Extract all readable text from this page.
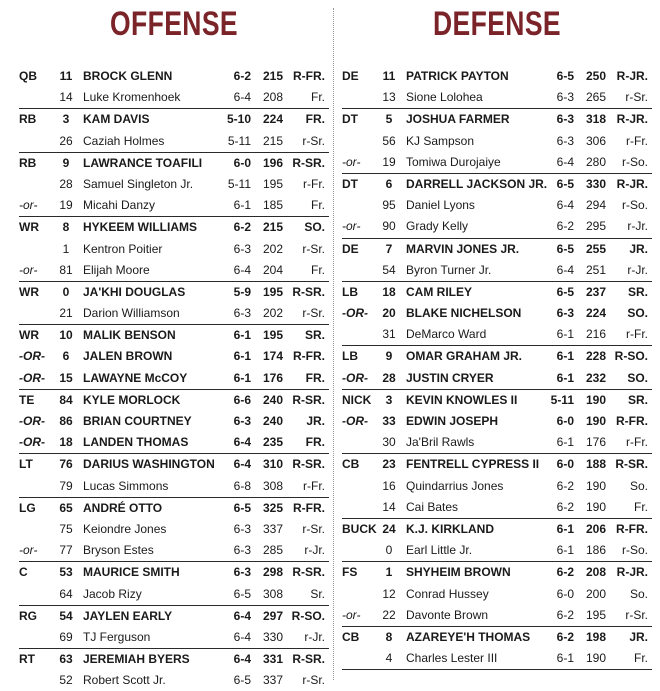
OFFENSE
QB	11 BROCK GLENN	6-2 215 R-FR.
14 Luke Kromenhoek	6-4 208	Fr.
RB	3	KAM DAVIS	5-10 224	FR.
26 Caziah Holmes	5-11 215	r-Sr.
RB	9	LAWRANCE TOAFILI	6-0 196 R-SR.
28 Samuel Singleton Jr.	5-11 195	r-Fr.
-or-	19 Micahi Danzy	6-1 185	Fr.
WR	8	HYKEEM WILLIAMS	6-2 215	SO.
1	Kentron Poitier	6-3 202	r-Sr.
-or-	81 Elijah Moore	6-4 204	Fr.
WR	0	JA'KHI DOUGLAS	5-9 195 R-SR.
21 Darion Williamson	6-3 202	r-Sr.
WR	10 MALIK BENSON	6-1 195	SR.
-OR-	6	JALEN BROWN	6-1 174 R-FR.
-OR-	15 LAWAYNE McCOY	6-1 176	FR.
TE	84 KYLE MORLOCK	6-6 240 R-SR.
-OR-	86 BRIAN COURTNEY	6-3 240	JR.
-OR-	18 LANDEN THOMAS	6-4 235	FR.
LT	76 DARIUS WASHINGTON	6-4 310 R-SR.
79 Lucas Simmons	6-8 308	r-Fr.
LG	65 ANDRÉ OTTO	6-5 325 R-FR.
75 Keiondre Jones	6-3 337	r-Sr.
-or-	77 Bryson Estes	6-3 285	r-Jr.
C	53 MAURICE SMITH	6-3 298 R-SR.
64 Jacob Rizy	6-5 308	Sr.
RG	54 JAYLEN EARLY	6-4 297 R-SO.
69 TJ Ferguson	6-4 330	r-Jr.
RT	63 JEREMIAH BYERS	6-4 331 R-SR.
52 Robert Scott Jr.	6-5 337	r-Sr.
DEFENSE
DE	11 PATRICK PAYTON	6-5 250 R-JR.
13 Sione Lolohea	6-3 265	r-Sr.
DT	5	JOSHUA FARMER	6-3 318 R-JR.
56 KJ Sampson	6-3 306	r-Fr.
-or-	19 Tomiwa Durojaiye	6-4 280	r-So.
DT	6	DARRELL JACKSON JR. 6-5 330 R-JR.
95 Daniel Lyons	6-4 294	r-So.
-or-	90 Grady Kelly	6-2 295	r-Jr.
DE	7	MARVIN JONES JR.	6-5 255	JR.
54 Byron Turner Jr.	6-4 251	r-Jr.
LB	18 CAM RILEY	6-5 237	SR.
-OR-	20 BLAKE NICHELSON	6-3 224	SO.
31 DeMarco Ward	6-1 216	r-Fr.
LB	9	OMAR GRAHAM JR.	6-1 228 R-SO.
-OR-	28 JUSTIN CRYER	6-1 232	SO.
NICK	3	KEVIN KNOWLES II	5-11 190	SR.
-OR-	33 EDWIN JOSEPH	6-0 190 R-FR.
30 Ja'Bril Rawls	6-1 176	r-Fr.
CB	23 FENTRELL CYPRESS II	6-0 188 R-SR.
16 Quindarrius Jones	6-2 190	So.
14 Cai Bates	6-2 190	Fr.
BUCK 24 K.J. KIRKLAND	6-1 206 R-FR.
0	Earl Little Jr.	6-1 186	r-So.
FS	1	SHYHEIM BROWN	6-2 208 R-JR.
12 Conrad Hussey	6-0 200	So.
-or-	22 Davonte Brown	6-2 195	r-Sr.
CB	8	AZAREYE'H THOMAS	6-2 198	JR.
4	Charles Lester III	6-1 190	Fr.
